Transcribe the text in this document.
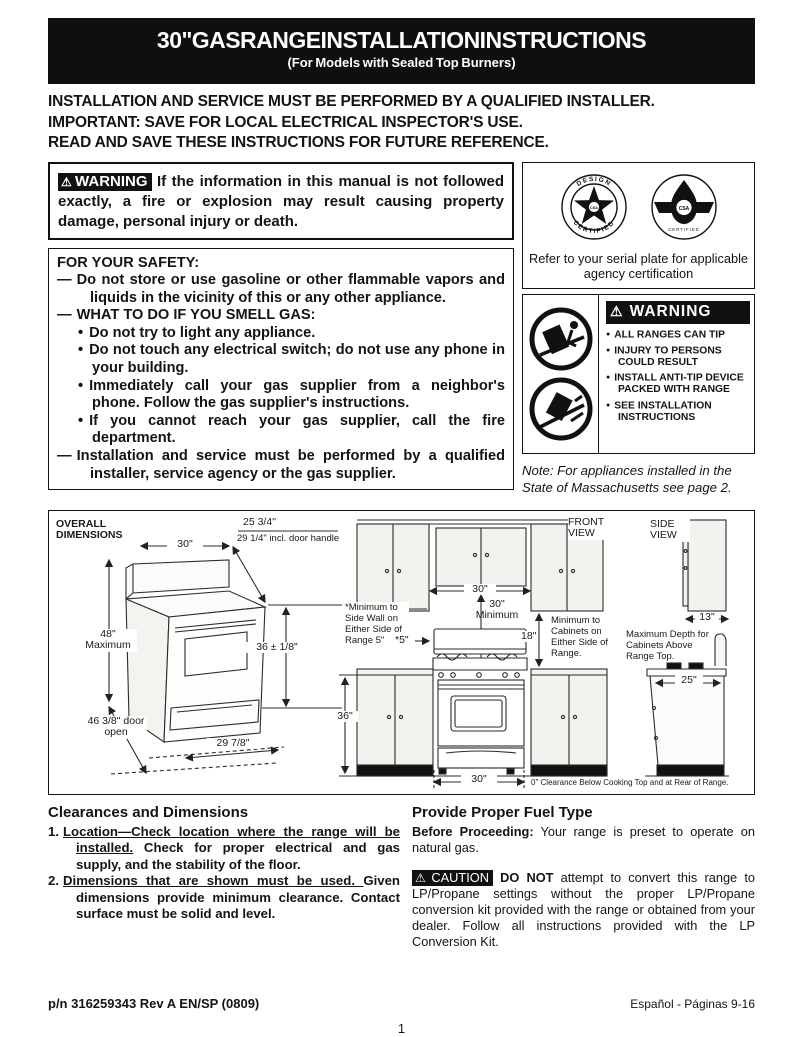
30" GAS RANGE INSTALLATION INSTRUCTIONS
(For Models with Sealed Top Burners)
INSTALLATION AND SERVICE MUST BE PERFORMED BY A QUALIFIED INSTALLER.
IMPORTANT: SAVE FOR LOCAL ELECTRICAL INSPECTOR'S USE.
READ AND SAVE THESE INSTRUCTIONS FOR FUTURE REFERENCE.
⚠ WARNING If the information in this manual is not followed exactly, a fire or explosion may result causing property damage, personal injury or death.
FOR YOUR SAFETY:
— Do not store or use gasoline or other flammable vapors and liquids in the vicinity of this or any other appliance.
— WHAT TO DO IF YOU SMELL GAS:
• Do not try to light any appliance.
• Do not touch any electrical switch; do not use any phone in your building.
• Immediately call your gas supplier from a neighbor's phone. Follow the gas supplier's instructions.
• If you cannot reach your gas supplier, call the fire department.
— Installation and service must be performed by a qualified installer, service agency or the gas supplier.
DESIGN
CERTIFIED
CSA	CSA
CERTIFIED
Refer to your serial plate for applicable agency certification
⚠ WARNING
● ALL RANGES CAN TIP
● INJURY TO PERSONS COULD RESULT
● INSTALL ANTI-TIP DEVICE PACKED WITH RANGE
● SEE INSTALLATION INSTRUCTIONS
Note: For appliances installed in the State of Massachusetts see page 2.
OVERALL DIMENSIONS
30"
25 3/4"
29 1/4" incl. door handle
48" Maximum	36 ± 1/8"
46 3/8" door open
29 7/8"
FRONT VIEW
30"
30" Minimum
*Minimum to Side Wall on Either Side of Range 5"	*5"	18"
Minimum to Cabinets on Either Side of Range.
36"
30"	0" Clearance Below Cooking Top and at Rear of Range.
SIDE VIEW
13"
Maximum Depth for Cabinets Above Range Top.
25"
Clearances and Dimensions
1. Location—Check location where the range will be installed. Check for proper electrical and gas supply, and the stability of the floor.
2. Dimensions that are shown must be used. Given dimensions provide minimum clearance. Contact surface must be solid and level.
Provide Proper Fuel Type
Before Proceeding: Your range is preset to operate on natural gas.
⚠ CAUTION DO NOT attempt to convert this range to LP/Propane settings without the proper LP/Propane conversion kit provided with the range or obtained from your dealer. Follow all instructions provided with the LP Conversion Kit.
p/n 316259343 Rev A EN/SP (0809)	Español - Páginas 9-16
1
